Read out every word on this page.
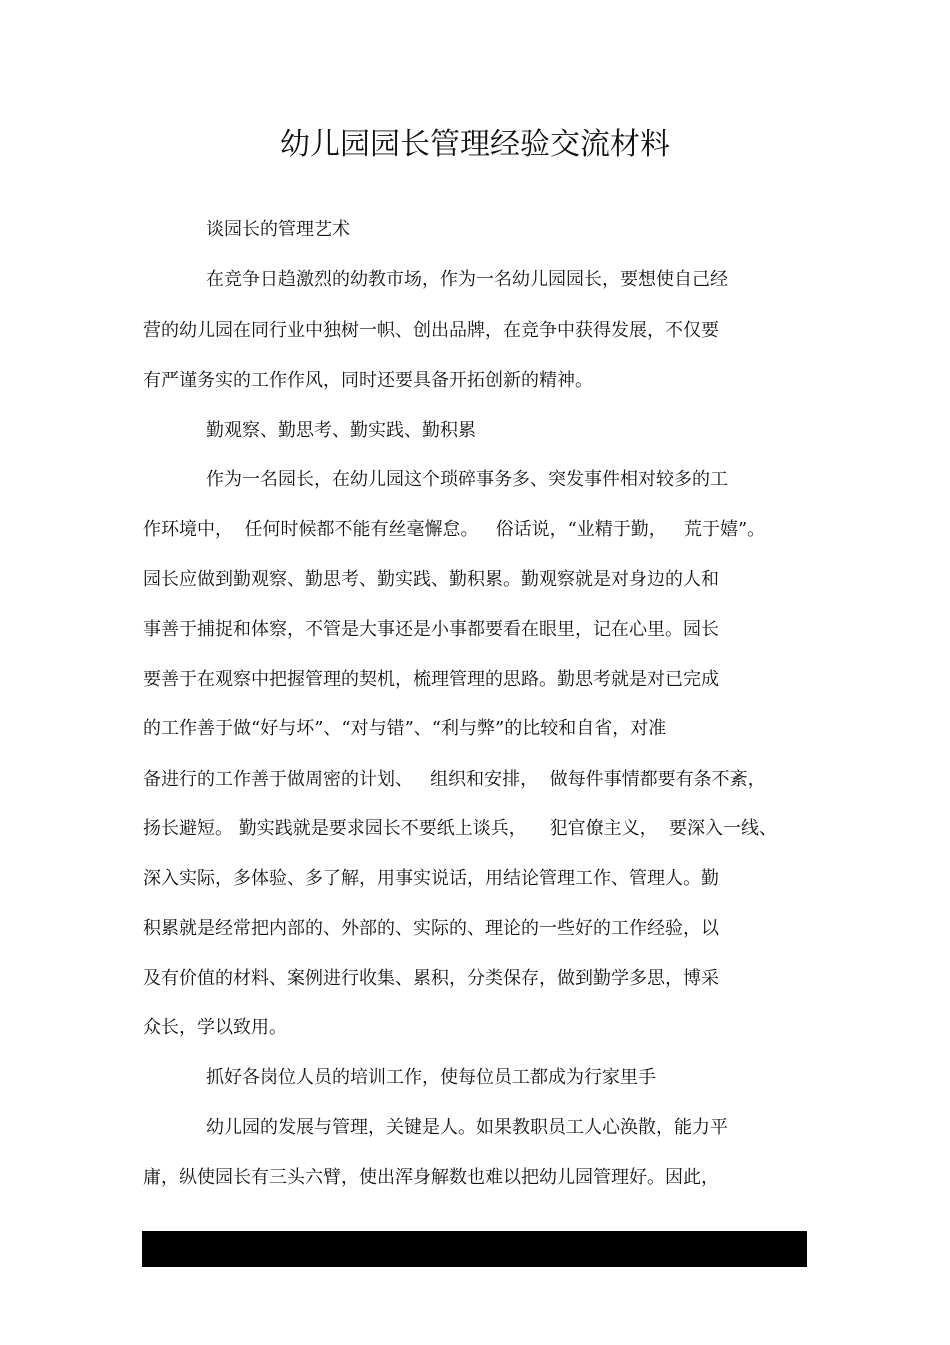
幼儿园园长管理经验交流材料
谈园长的管理艺术
在竞争日趋激烈的幼教市场，作为一名幼儿园园长，要想使自己经
营的幼儿园在同行业中独树一帜、创出品牌，在竞争中获得发展，不仅要
有严谨务实的工作作风，同时还要具备开拓创新的精神。
勤观察、勤思考、勤实践、勤积累
作为一名园长，在幼儿园这个琐碎事务多、突发事件相对较多的工
作环境中，  任何时候都不能有丝毫懈怠。   俗话说，“业精于勤，   荒于嬉”。
园长应做到勤观察、勤思考、勤实践、勤积累。勤观察就是对身边的人和
事善于捕捉和体察，不管是大事还是小事都要看在眼里，记在心里。园长
要善于在观察中把握管理的契机，梳理管理的思路。勤思考就是对已完成
的工作善于做“好与坏”、“对与错”、“利与弊”的比较和自省，对准
备进行的工作善于做周密的计划、   组织和安排，  做每件事情都要有条不紊，
扬长避短。 勤实践就是要求园长不要纸上谈兵，    犯官僚主义，  要深入一线、
深入实际，多体验、多了解，用事实说话，用结论管理工作、管理人。勤
积累就是经常把内部的、外部的、实际的、理论的一些好的工作经验，以
及有价值的材料、案例进行收集、累积，分类保存，做到勤学多思，博采
众长，学以致用。
抓好各岗位人员的培训工作，使每位员工都成为行家里手
幼儿园的发展与管理，关键是人。如果教职员工人心涣散，能力平
庸，纵使园长有三头六臂，使出浑身解数也难以把幼儿园管理好。因此，
